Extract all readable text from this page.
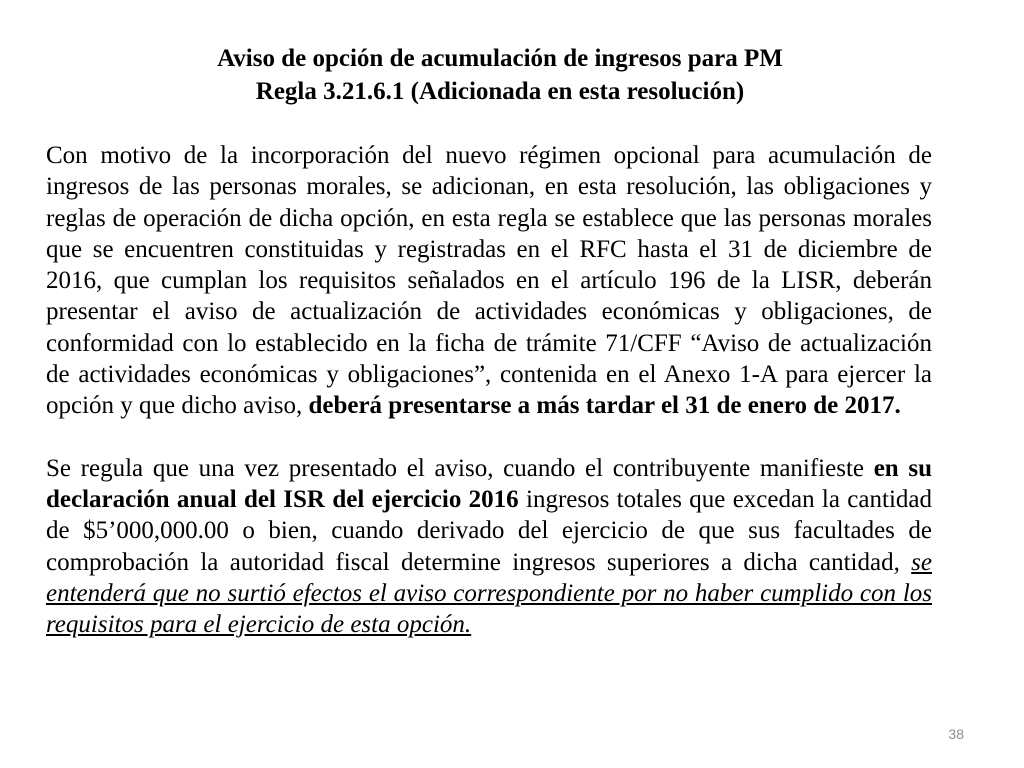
Aviso de opción de acumulación de ingresos para PM
Regla 3.21.6.1 (Adicionada en esta resolución)

Con motivo de la incorporación del nuevo régimen opcional para acumulación de ingresos de las personas morales, se adicionan, en esta resolución, las obligaciones y reglas de operación de dicha opción, en esta regla se establece que las personas morales que se encuentren constituidas y registradas en el RFC hasta el 31 de diciembre de 2016, que cumplan los requisitos señalados en el artículo 196 de la LISR, deberán presentar el aviso de actualización de actividades económicas y obligaciones, de conformidad con lo establecido en la ficha de trámite 71/CFF “Aviso de actualización de actividades económicas y obligaciones”, contenida en el Anexo 1-A para ejercer la opción y que dicho aviso, deberá presentarse a más tardar el 31 de enero de 2017.

Se regula que una vez presentado el aviso, cuando el contribuyente manifieste en su declaración anual del ISR del ejercicio 2016 ingresos totales que excedan la cantidad de $5’000,000.00 o bien, cuando derivado del ejercicio de que sus facultades de comprobación la autoridad fiscal determine ingresos superiores a dicha cantidad, se entenderá que no surtió efectos el aviso correspondiente por no haber cumplido con los requisitos para el ejercicio de esta opción.

38
